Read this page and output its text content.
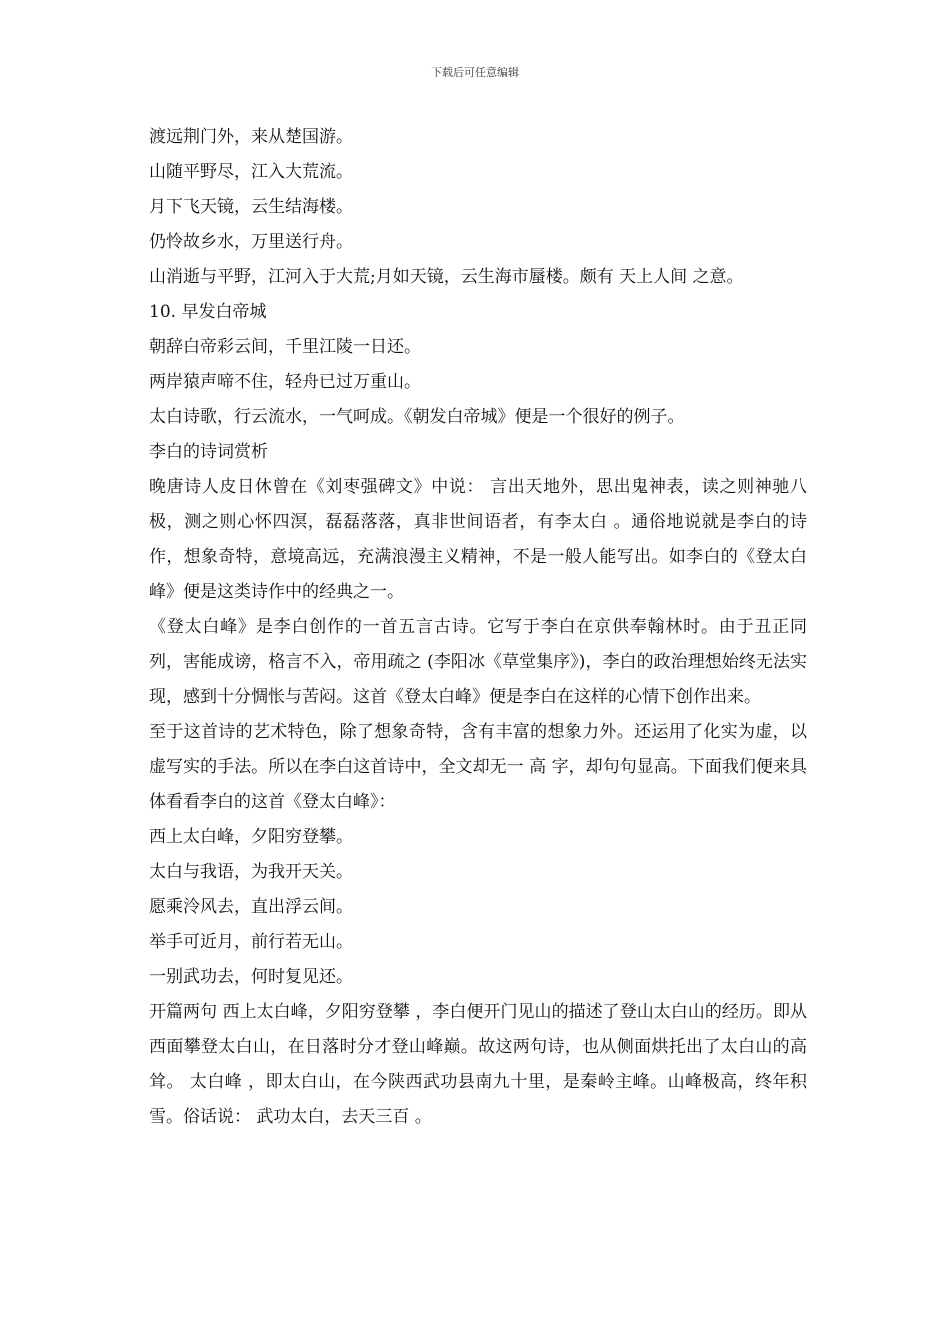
下载后可任意编辑
渡远荆门外，来从楚国游。
山随平野尽，江入大荒流。
月下飞天镜，云生结海楼。
仍怜故乡水，万里送行舟。
山消逝与平野，江河入于大荒;月如天镜，云生海市蜃楼。颇有 天上人间 之意。
10. 早发白帝城
朝辞白帝彩云间，千里江陵一日还。
两岸猿声啼不住，轻舟已过万重山。
太白诗歌，行云流水，一气呵成。《朝发白帝城》便是一个很好的例子。
李白的诗词赏析
晚唐诗人皮日休曾在《刘枣强碑文》中说： 言出天地外，思出鬼神表，读之则神驰八极，测之则心怀四溟，磊磊落落，真非世间语者，有李太白 。通俗地说就是李白的诗作，想象奇特，意境高远，充满浪漫主义精神，不是一般人能写出。如李白的《登太白峰》便是这类诗作中的经典之一。
《登太白峰》是李白创作的一首五言古诗。它写于李白在京供奉翰林时。由于丑正同列，害能成谤，格言不入，帝用疏之 (李阳冰《草堂集序》)，李白的政治理想始终无法实现，感到十分惆怅与苦闷。这首《登太白峰》便是李白在这样的心情下创作出来。
至于这首诗的艺术特色，除了想象奇特，含有丰富的想象力外。还运用了化实为虚，以虚写实的手法。所以在李白这首诗中，全文却无一 高 字，却句句显高。下面我们便来具体看看李白的这首《登太白峰》：
西上太白峰，夕阳穷登攀。
太白与我语，为我开天关。
愿乘泠风去，直出浮云间。
举手可近月，前行若无山。
一别武功去，何时复见还。
开篇两句 西上太白峰，夕阳穷登攀 ，李白便开门见山的描述了登山太白山的经历。即从西面攀登太白山，在日落时分才登山峰巅。故这两句诗，也从侧面烘托出了太白山的高耸。 太白峰 ，即太白山，在今陕西武功县南九十里，是秦岭主峰。山峰极高，终年积雪。俗话说： 武功太白，去天三百 。
